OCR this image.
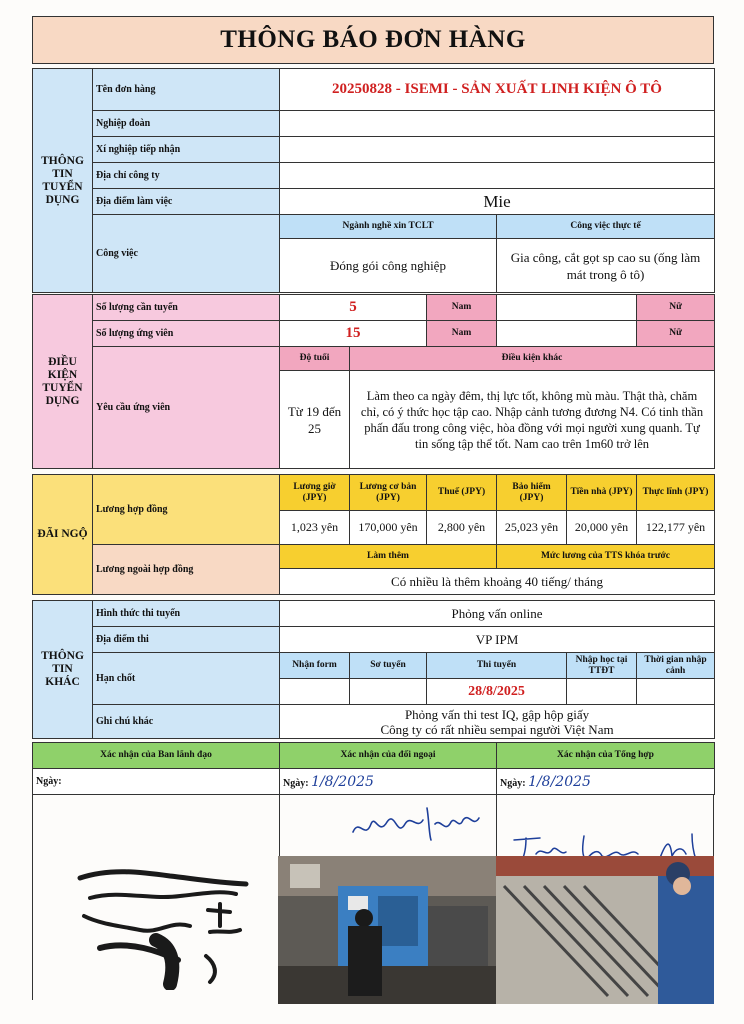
THÔNG BÁO ĐƠN HÀNG
THÔNG TIN TUYỂN DỤNG	Tên đơn hàng	20250828 - ISEMI - SẢN XUẤT LINH KIỆN Ô TÔ	
	Nghiệp đoàn		
	Xí nghiệp tiếp nhận		
	Địa chỉ công ty		
	Địa điểm làm việc	Mie	
	Công việc	Ngành nghề xin TCLT	Công việc thực tế
		Đóng gói công nghiệp	Gia công, cắt gọt sp cao su (ống làm mát trong ô tô)
ĐIỀU KIỆN TUYỂN DỤNG	Số lượng cần tuyển	5		Nam		Nữ
	Số lượng ứng viên	15		Nam		Nữ
	Yêu cầu ứng viên	Độ tuổi	Điều kiện khác			
		Từ 19 đến 25	Làm theo ca ngày đêm, thị lực tốt, không mù màu. Thật thà, chăm chỉ, có ý thức học tập cao. Nhập cảnh tương đương N4. Có tinh thần phấn đấu trong công việc, hòa đồng với mọi người xung quanh. Tự tin sống tập thể tốt. Nam cao trên 1m60 trở lên			
ĐÃI NGỘ	Lương hợp đồng	Lương giờ (JPY)	Lương cơ bản (JPY)	Thuế (JPY)	Bảo hiểm (JPY)	Tiền nhà (JPY)	Thực lĩnh (JPY)
		1,023 yên	170,000 yên	2,800 yên	25,023 yên	20,000 yên	122,177 yên
	Lương ngoài hợp đồng	Làm thêm			Mức lương của TTS khóa trước		
		Có nhiều là thêm khoảng 40 tiếng/ tháng					
THÔNG TIN KHÁC	Hình thức thi tuyển	Phỏng vấn online				
	Địa điểm thi	VP IPM				
	Hạn chốt	Nhận form	Sơ tuyển	Thi tuyển	Nhập học tại TTĐT	Thời gian nhập cảnh
				28/8/2025		
	Ghi chú khác	Phỏng vấn thi test IQ, gập hộp giấy
Công ty có rất nhiều sempai người Việt Nam				
Xác nhận của Ban lãnh đạo	Xác nhận của đối ngoại	Xác nhận của Tổng hợp
Ngày:	Ngày: 1/8/2025	Ngày: 1/8/2025
